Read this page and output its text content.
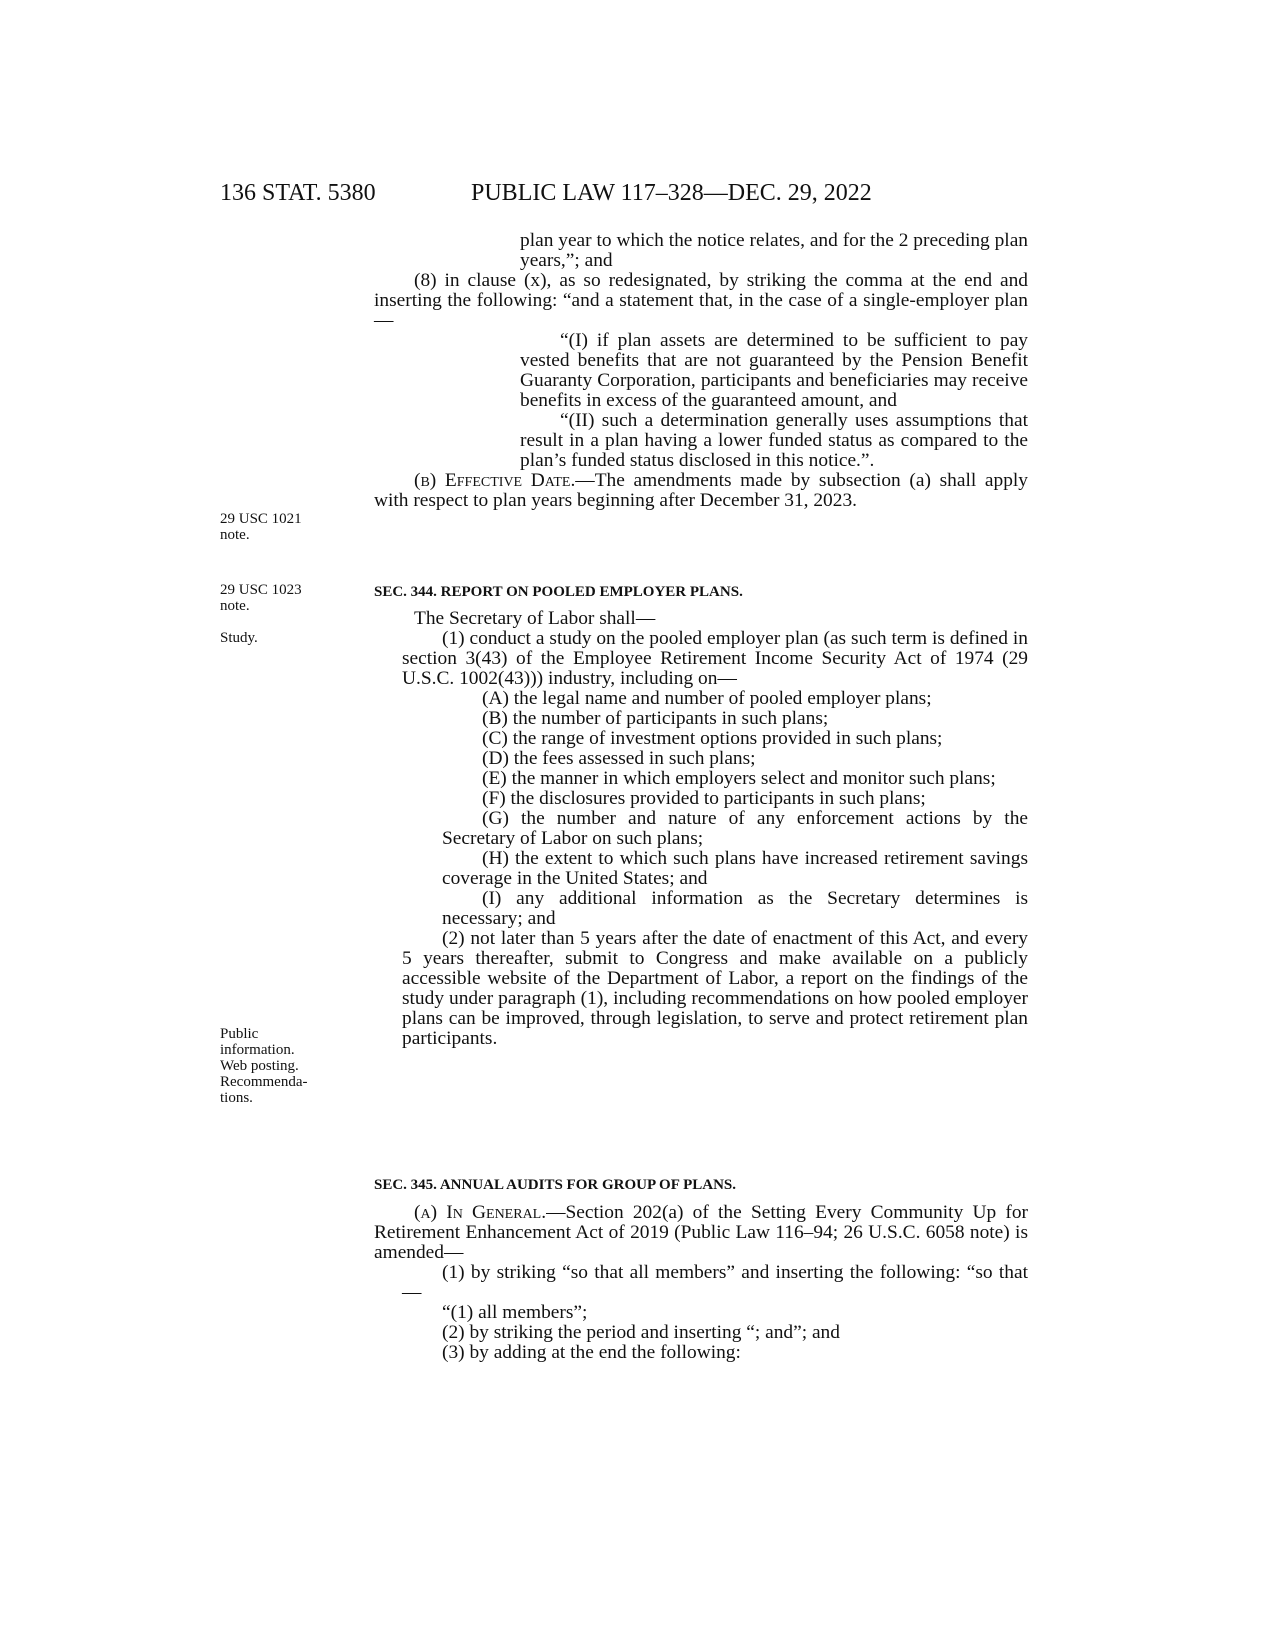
136 STAT. 5380	PUBLIC LAW 117–328—DEC. 29, 2022
29 USC 1021
note.
29 USC 1023
note.
Study.
Public
information.
Web posting.
Recommenda-
tions.

plan year to which the notice relates, and for the 2 preceding plan years,”; and

(8) in clause (x), as so redesignated, by striking the comma at the end and inserting the following: “and a statement that, in the case of a single-employer plan—

“(I) if plan assets are determined to be sufficient to pay vested benefits that are not guaranteed by the Pension Benefit Guaranty Corporation, participants and beneficiaries may receive benefits in excess of the guaranteed amount, and

“(II) such a determination generally uses assumptions that result in a plan having a lower funded status as compared to the plan’s funded status disclosed in this notice.”.

(b) Effective Date.—The amendments made by subsection (a) shall apply with respect to plan years beginning after December 31, 2023.

SEC. 344. REPORT ON POOLED EMPLOYER PLANS.

The Secretary of Labor shall—

(1) conduct a study on the pooled employer plan (as such term is defined in section 3(43) of the Employee Retirement Income Security Act of 1974 (29 U.S.C. 1002(43))) industry, including on—

(A) the legal name and number of pooled employer plans;

(B) the number of participants in such plans;

(C) the range of investment options provided in such plans;

(D) the fees assessed in such plans;

(E) the manner in which employers select and monitor such plans;

(F) the disclosures provided to participants in such plans;

(G) the number and nature of any enforcement actions by the Secretary of Labor on such plans;

(H) the extent to which such plans have increased retirement savings coverage in the United States; and

(I) any additional information as the Secretary determines is necessary; and

(2) not later than 5 years after the date of enactment of this Act, and every 5 years thereafter, submit to Congress and make available on a publicly accessible website of the Department of Labor, a report on the findings of the study under paragraph (1), including recommendations on how pooled employer plans can be improved, through legislation, to serve and protect retirement plan participants.

SEC. 345. ANNUAL AUDITS FOR GROUP OF PLANS.

(a) In General.—Section 202(a) of the Setting Every Community Up for Retirement Enhancement Act of 2019 (Public Law 116–94; 26 U.S.C. 6058 note) is amended—

(1) by striking “so that all members” and inserting the following: “so that—

“(1) all members”;

(2) by striking the period and inserting “; and”; and

(3) by adding at the end the following:
